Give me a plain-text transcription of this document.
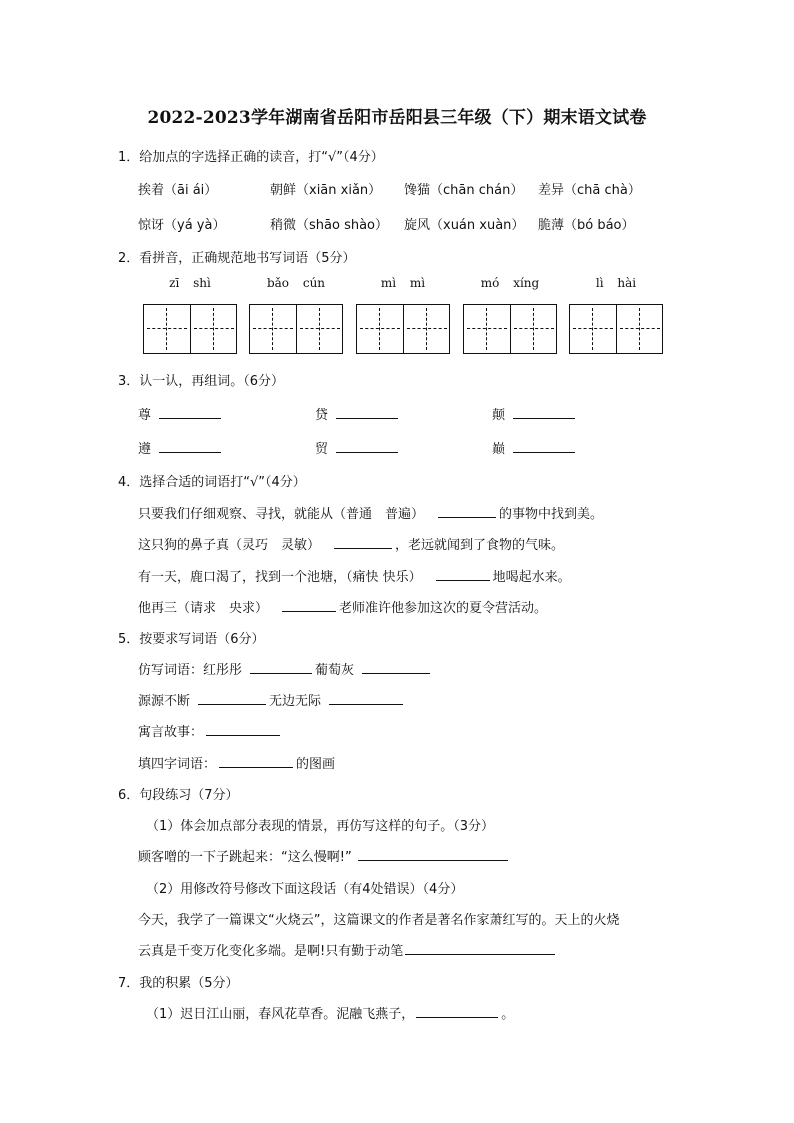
2022-2023学年湖南省岳阳市岳阳县三年级（下）期末语文试卷
1．给加点的字选择正确的读音，打“√”（4分）
挨着（āi ái）	朝鲜（xiān xiǎn） 馋猫（chān chán） 差异（chā chà）
惊讶（yá yà）	稍微（shāo shào） 旋风（xuán xuàn） 脆薄（bó báo）
2．看拼音，正确规范地书写词语（5分）
zī shì	bǎo cún	mì mì	mó xíng	lì hài
3．认一认，再组词。（6分）
尊	贷	颠
遵	贸	巅
4．选择合适的词语打“√”（4分）
只要我们仔细观察、寻找，就能从（普通　普遍）	的事物中找到美。
这只狗的鼻子真（灵巧　灵敏）	，老远就闻到了食物的气味。
有一天，鹿口渴了，找到一个池塘，（痛快 快乐）	地喝起水来。
他再三（请求　央求）	老师准许他参加这次的夏令营活动。
5．按要求写词语（6分）
仿写词语：红彤彤	葡萄灰
源源不断	无边无际
寓言故事：
填四字词语：	的图画
6．句段练习（7分）
（1）体会加点部分表现的情景，再仿写这样的句子。（3分）
顾客噌的一下子跳起来：“这么慢啊!”
（2）用修改符号修改下面这段话（有4处错误）（4分）
今天，我学了一篇课文“火烧云”，这篇课文的作者是著名作家萧红写的。天上的火烧
云真是千变万化变化多端。是啊!只有勤于动笔
7．我的积累（5分）
（1）迟日江山丽，春风花草香。泥融飞燕子，	。
